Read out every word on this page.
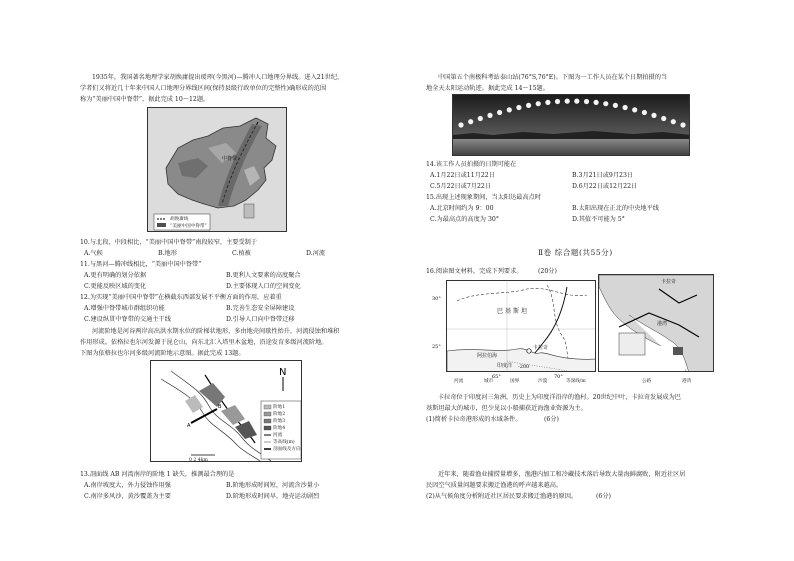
1935年，我国著名地理学家胡焕庸提出瑷珲(今黑河)—腾冲人口地理分界线。进入21世纪，
学者们又将近几十年来中国人口地理分界线区间(保持县级行政单位的完整性)确形成的范围
称为“美丽中国中脊带”。据此完成 10～12题。
中脊带
胡焕庸线
“美丽中国中脊带”
10.与北段、中段相比，“美丽中国中脊带”南段较窄，主要受制于
A.气候	B.地形	C.植被	D.河流
11.与黑河—腾冲线相比，“美丽中国中脊带”
A.更有明确的划分依据	B.更利人文要素的高度聚合
C.更能反映区域的变化	D.主要体现人口的空间变化
12.为实现“美丽中国中脊带”在横截东西部发展不平衡方面的作用，应着重
A.增强中脊带城市群组织功能	B.完善生态安全屏障建设
C.建设纵贯中脊带的交通主干线	D.引导人口向中脊带迁移
河流阶地是河谷两岸高出洪水期水位的阶梯状地形，多由地壳间歇性抬升，河流侵蚀和堆积
作用形成。依格拉也尔河发源于昆仑山，向东北汇入塔里木盆地，沿途发育多级河流阶地。
下图为依格拉也尔河多级河流阶地示意图。据此完成 13题。
A
B
N
阶地1
阶地2
阶地3
阶地4
河流
等高线(m)
剖面线及方向
0 2 4km
13.剖面线 AB 河湾南岸的阶地 1 缺失，推测最合理的是
A.南岸坡度大，外力侵蚀作用强	B.阶地形成时间短，河流含沙量小
C.南岸多风沙，黄沙覆盖为主要	D.阶地形成时间早，地壳运动剧烈
中国第五个南极科考站泰山站(76°S,76°E)。下图为一工作人员在某个日期拍摄的当
地全天太阳运动轨迹。据此完成 14～15题。
14.该工作人员拍摄的日期可能在
A.1月22日或11月22日	B.3月21日或9月23日
C.5月22日或7月22日	D.6月22日或12月22日
15.出现上述现象期间，当太阳达最高点时
A.北京时间约为 9：00	B.太阳出现在正北的中央地平线
C.为最高点的高度为 30°	D.其值不可能为 5°
Ⅱ卷 综合题(共55分)
16.阅读图文材料，完成下列要求。	(20分)
巴基斯坦
卡拉奇
阿拉伯海
印度洋
30°
25°
65°	70°
-200
卡拉奇
港湾
河流	城市	国界	沙漠	等深线/m	公路	港湾
卡拉奇位于印度河三角洲，历史上为印度洋沿岸的渔村。20世纪中叶，卡拉奇发展成为巴
基斯坦最大的城市，但少见以小船捕获近海渔业资源为主。
(1)简析卡拉奇港形成的水域条件。	(6分)
近年来，随着渔业捕捞量增多，渔港内加工和冷藏技术落后导致大量海鲜腐败，附近社区居
民因空气质量问题要求搬迁渔港的呼声越来越高。
(2)从气候角度分析附近社区居民要求搬迁渔港的原因。	(6分)
